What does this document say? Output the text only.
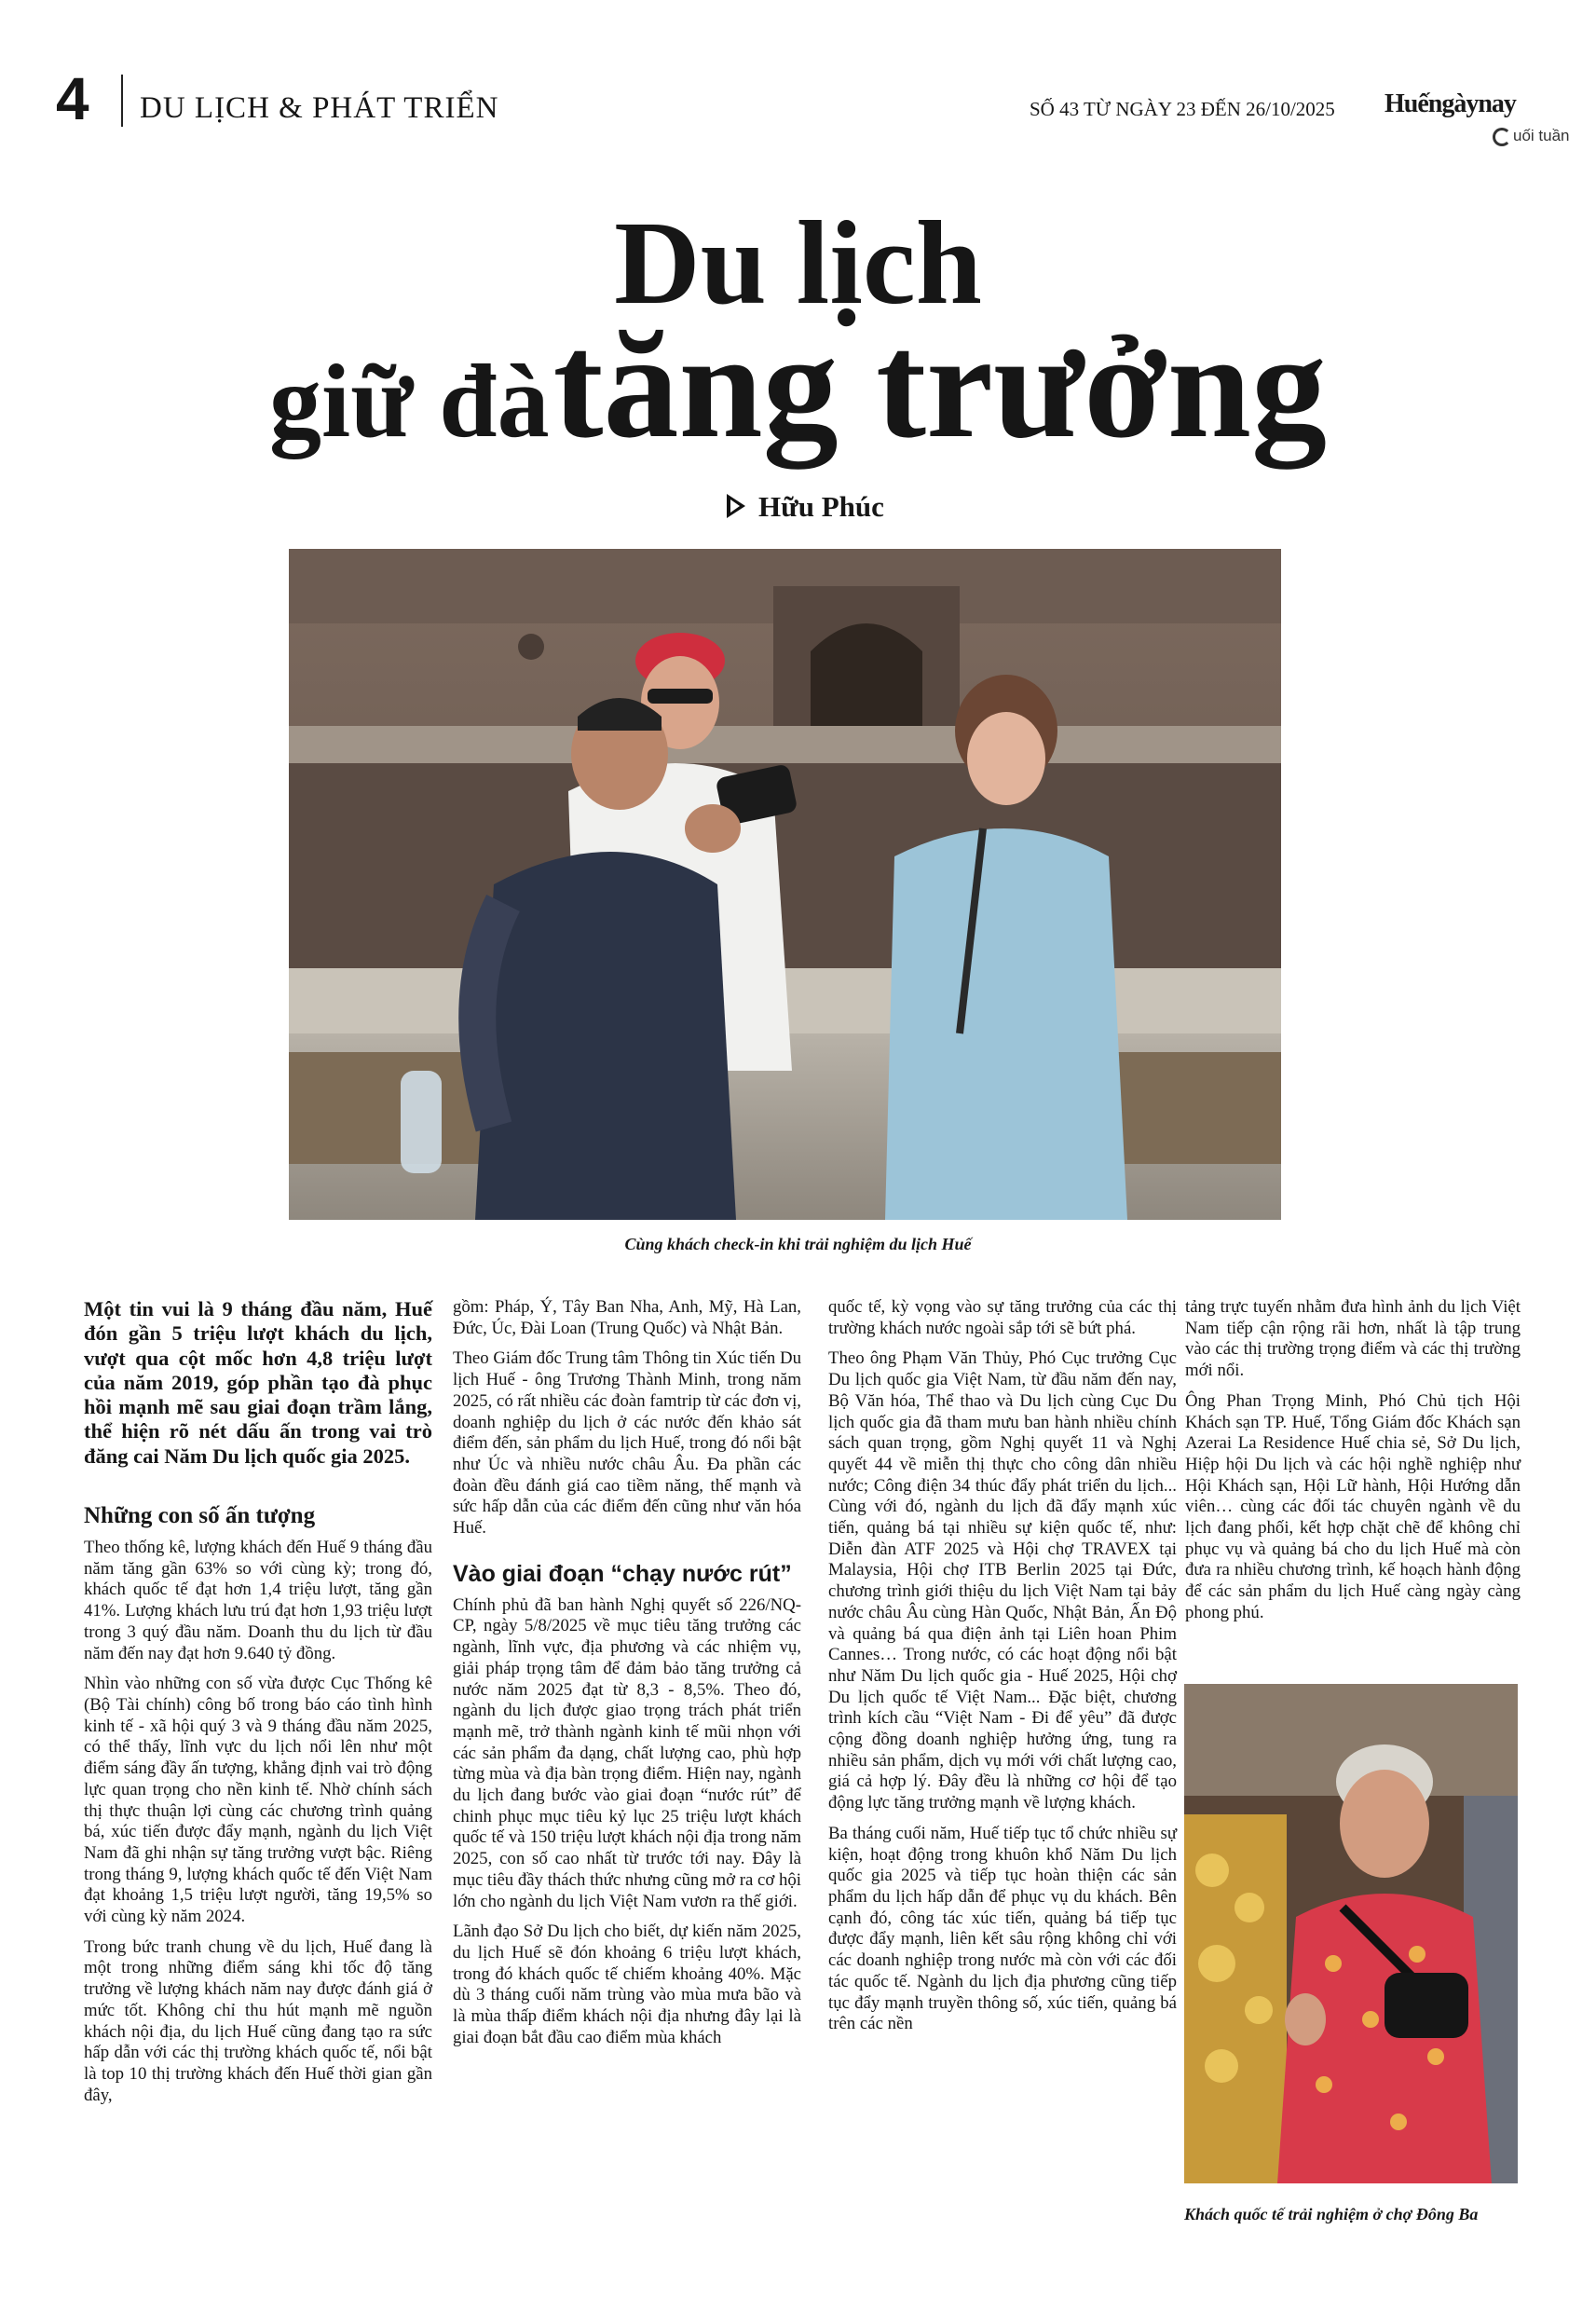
4 DU LỊCH & PHÁT TRIỂN	SỐ 43 TỪ NGÀY 23 ĐẾN 26/10/2025 Huếngàynay
uối tuần
Du lịch
giữ đà tăng trưởng
Hữu Phúc
Cùng khách check-in khi trải nghiệm du lịch Huế

Một tin vui là 9 tháng đầu năm, Huế đón gần 5 triệu lượt khách du lịch, vượt qua cột mốc hơn 4,8 triệu lượt của năm 2019, góp phần tạo đà phục hồi mạnh mẽ sau giai đoạn trầm lắng, thể hiện rõ nét dấu ấn trong vai trò đăng cai Năm Du lịch quốc gia 2025.

Những con số ấn tượng

Theo thống kê, lượng khách đến Huế 9 tháng đầu năm tăng gần 63% so với cùng kỳ; trong đó, khách quốc tế đạt hơn 1,4 triệu lượt, tăng gần 41%. Lượng khách lưu trú đạt hơn 1,93 triệu lượt trong 3 quý đầu năm. Doanh thu du lịch từ đầu năm đến nay đạt hơn 9.640 tỷ đồng.

Nhìn vào những con số vừa được Cục Thống kê (Bộ Tài chính) công bố trong báo cáo tình hình kinh tế - xã hội quý 3 và 9 tháng đầu năm 2025, có thể thấy, lĩnh vực du lịch nổi lên như một điểm sáng đầy ấn tượng, khẳng định vai trò động lực quan trọng cho nền kinh tế. Nhờ chính sách thị thực thuận lợi cùng các chương trình quảng bá, xúc tiến được đẩy mạnh, ngành du lịch Việt Nam đã ghi nhận sự tăng trưởng vượt bậc. Riêng trong tháng 9, lượng khách quốc tế đến Việt Nam đạt khoảng 1,5 triệu lượt người, tăng 19,5% so với cùng kỳ năm 2024.

Trong bức tranh chung về du lịch, Huế đang là một trong những điểm sáng khi tốc độ tăng trưởng về lượng khách năm nay được đánh giá ở mức tốt. Không chỉ thu hút mạnh mẽ nguồn khách nội địa, du lịch Huế cũng đang tạo ra sức hấp dẫn với các thị trường khách quốc tế, nổi bật là top 10 thị trường khách đến Huế thời gian gần đây,

gồm: Pháp, Ý, Tây Ban Nha, Anh, Mỹ, Hà Lan, Đức, Úc, Đài Loan (Trung Quốc) và Nhật Bản.

Theo Giám đốc Trung tâm Thông tin Xúc tiến Du lịch Huế - ông Trương Thành Minh, trong năm 2025, có rất nhiều các đoàn famtrip từ các đơn vị, doanh nghiệp du lịch ở các nước đến khảo sát điểm đến, sản phẩm du lịch Huế, trong đó nổi bật như Úc và nhiều nước châu Âu. Đa phần các đoàn đều đánh giá cao tiềm năng, thế mạnh và sức hấp dẫn của các điểm đến cũng như văn hóa Huế.

Vào giai đoạn “chạy nước rút”

Chính phủ đã ban hành Nghị quyết số 226/NQ-CP, ngày 5/8/2025 về mục tiêu tăng trưởng các ngành, lĩnh vực, địa phương và các nhiệm vụ, giải pháp trọng tâm để đảm bảo tăng trưởng cả nước năm 2025 đạt từ 8,3 - 8,5%. Theo đó, ngành du lịch được giao trọng trách phát triển mạnh mẽ, trở thành ngành kinh tế mũi nhọn với các sản phẩm đa dạng, chất lượng cao, phù hợp từng mùa và địa bàn trọng điểm. Hiện nay, ngành du lịch đang bước vào giai đoạn “nước rút” để chinh phục mục tiêu kỷ lục 25 triệu lượt khách quốc tế và 150 triệu lượt khách nội địa trong năm 2025, con số cao nhất từ trước tới nay. Đây là mục tiêu đầy thách thức nhưng cũng mở ra cơ hội lớn cho ngành du lịch Việt Nam vươn ra thế giới.

Lãnh đạo Sở Du lịch cho biết, dự kiến năm 2025, du lịch Huế sẽ đón khoảng 6 triệu lượt khách, trong đó khách quốc tế chiếm khoảng 40%. Mặc dù 3 tháng cuối năm trùng vào mùa mưa bão và là mùa thấp điểm khách nội địa nhưng đây lại là giai đoạn bắt đầu cao điểm mùa khách

quốc tế, kỳ vọng vào sự tăng trưởng của các thị trường khách nước ngoài sắp tới sẽ bứt phá.

Theo ông Phạm Văn Thủy, Phó Cục trưởng Cục Du lịch quốc gia Việt Nam, từ đầu năm đến nay, Bộ Văn hóa, Thể thao và Du lịch cùng Cục Du lịch quốc gia đã tham mưu ban hành nhiều chính sách quan trọng, gồm Nghị quyết 11 và Nghị quyết 44 về miễn thị thực cho công dân nhiều nước; Công điện 34 thúc đẩy phát triển du lịch... Cùng với đó, ngành du lịch đã đẩy mạnh xúc tiến, quảng bá tại nhiều sự kiện quốc tế, như: Diễn đàn ATF 2025 và Hội chợ TRAVEX tại Malaysia, Hội chợ ITB Berlin 2025 tại Đức, chương trình giới thiệu du lịch Việt Nam tại bảy nước châu Âu cùng Hàn Quốc, Nhật Bản, Ấn Độ và quảng bá qua điện ảnh tại Liên hoan Phim Cannes… Trong nước, có các hoạt động nổi bật như Năm Du lịch quốc gia - Huế 2025, Hội chợ Du lịch quốc tế Việt Nam... Đặc biệt, chương trình kích cầu “Việt Nam - Đi để yêu” đã được cộng đồng doanh nghiệp hưởng ứng, tung ra nhiều sản phẩm, dịch vụ mới với chất lượng cao, giá cả hợp lý. Đây đều là những cơ hội để tạo động lực tăng trưởng mạnh về lượng khách.

Ba tháng cuối năm, Huế tiếp tục tổ chức nhiều sự kiện, hoạt động trong khuôn khổ Năm Du lịch quốc gia 2025 và tiếp tục hoàn thiện các sản phẩm du lịch hấp dẫn để phục vụ du khách. Bên cạnh đó, công tác xúc tiến, quảng bá tiếp tục được đẩy mạnh, liên kết sâu rộng không chỉ với các doanh nghiệp trong nước mà còn với các đối tác quốc tế. Ngành du lịch địa phương cũng tiếp tục đẩy mạnh truyền thông số, xúc tiến, quảng bá trên các nền

tảng trực tuyến nhằm đưa hình ảnh du lịch Việt Nam tiếp cận rộng rãi hơn, nhất là tập trung vào các thị trường trọng điểm và các thị trường mới nổi.

Ông Phan Trọng Minh, Phó Chủ tịch Hội Khách sạn TP. Huế, Tổng Giám đốc Khách sạn Azerai La Residence Huế chia sẻ, Sở Du lịch, Hiệp hội Du lịch và các hội nghề nghiệp như Hội Khách sạn, Hội Lữ hành, Hội Hướng dẫn viên… cùng các đối tác chuyên ngành về du lịch đang phối, kết hợp chặt chẽ để không chỉ phục vụ và quảng bá cho du lịch Huế mà còn đưa ra nhiều chương trình, kế hoạch hành động để các sản phẩm du lịch Huế càng ngày càng phong phú.

Khách quốc tế trải nghiệm ở chợ Đông Ba
